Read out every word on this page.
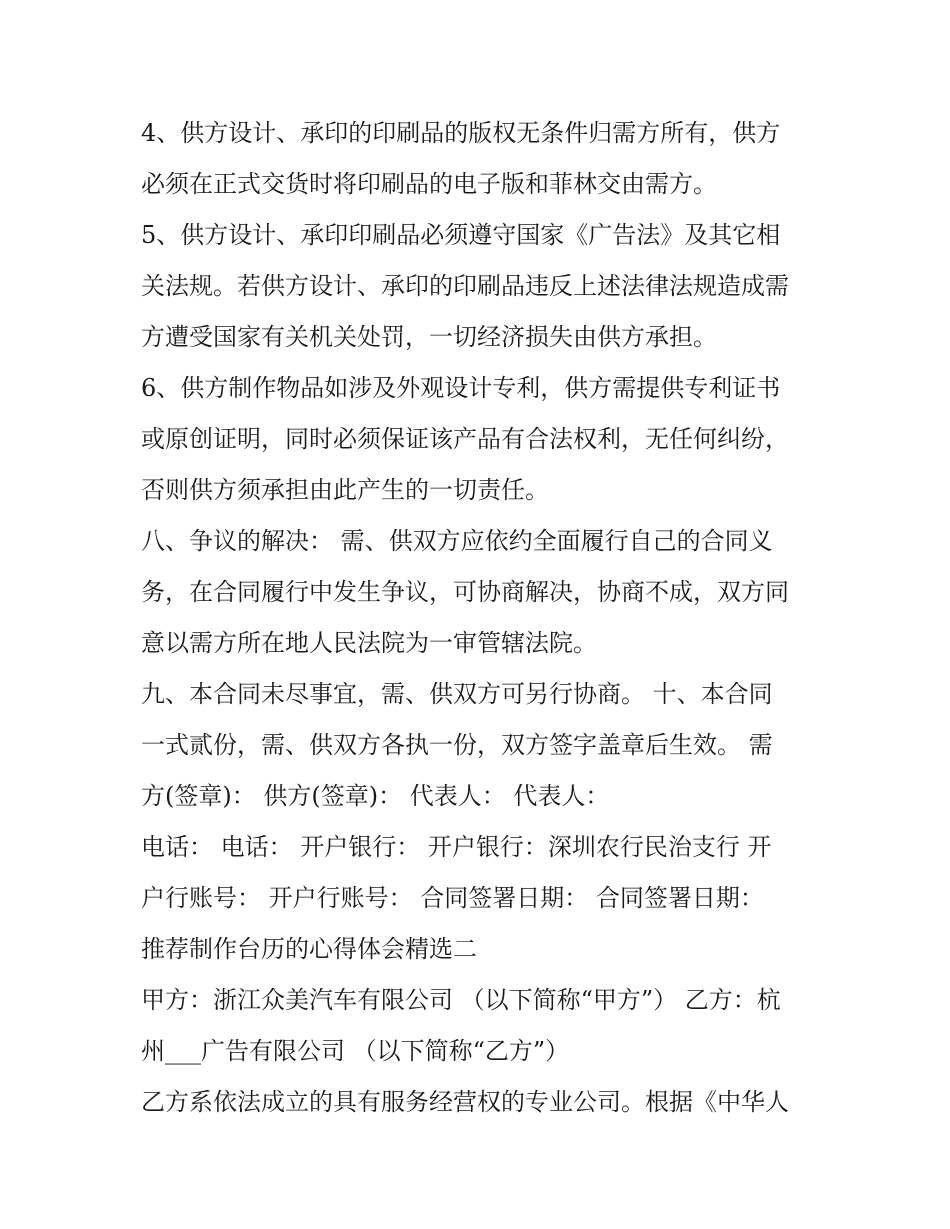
4、供方设计、承印的印刷品的版权无条件归需方所有，供方
必须在正式交货时将印刷品的电子版和菲林交由需方。
5、供方设计、承印印刷品必须遵守国家《广告法》及其它相
关法规。若供方设计、承印的印刷品违反上述法律法规造成需
方遭受国家有关机关处罚，一切经济损失由供方承担。
6、供方制作物品如涉及外观设计专利，供方需提供专利证书
或原创证明，同时必须保证该产品有合法权利，无任何纠纷，
否则供方须承担由此产生的一切责任。
八、争议的解决： 需、供双方应依约全面履行自己的合同义
务，在合同履行中发生争议，可协商解决，协商不成，双方同
意以需方所在地人民法院为一审管辖法院。
九、本合同未尽事宜，需、供双方可另行协商。 十、本合同
一式贰份，需、供双方各执一份，双方签字盖章后生效。 需
方(签章)： 供方(签章)： 代表人： 代表人：
电话： 电话： 开户银行： 开户银行：深圳农行民治支行 开
户行账号： 开户行账号： 合同签署日期： 合同签署日期：
推荐制作台历的心得体会精选二
甲方：浙江众美汽车有限公司 （以下简称“甲方”） 乙方：杭
州___广告有限公司 （以下简称“乙方”）
乙方系依法成立的具有服务经营权的专业公司。根据《中华人
